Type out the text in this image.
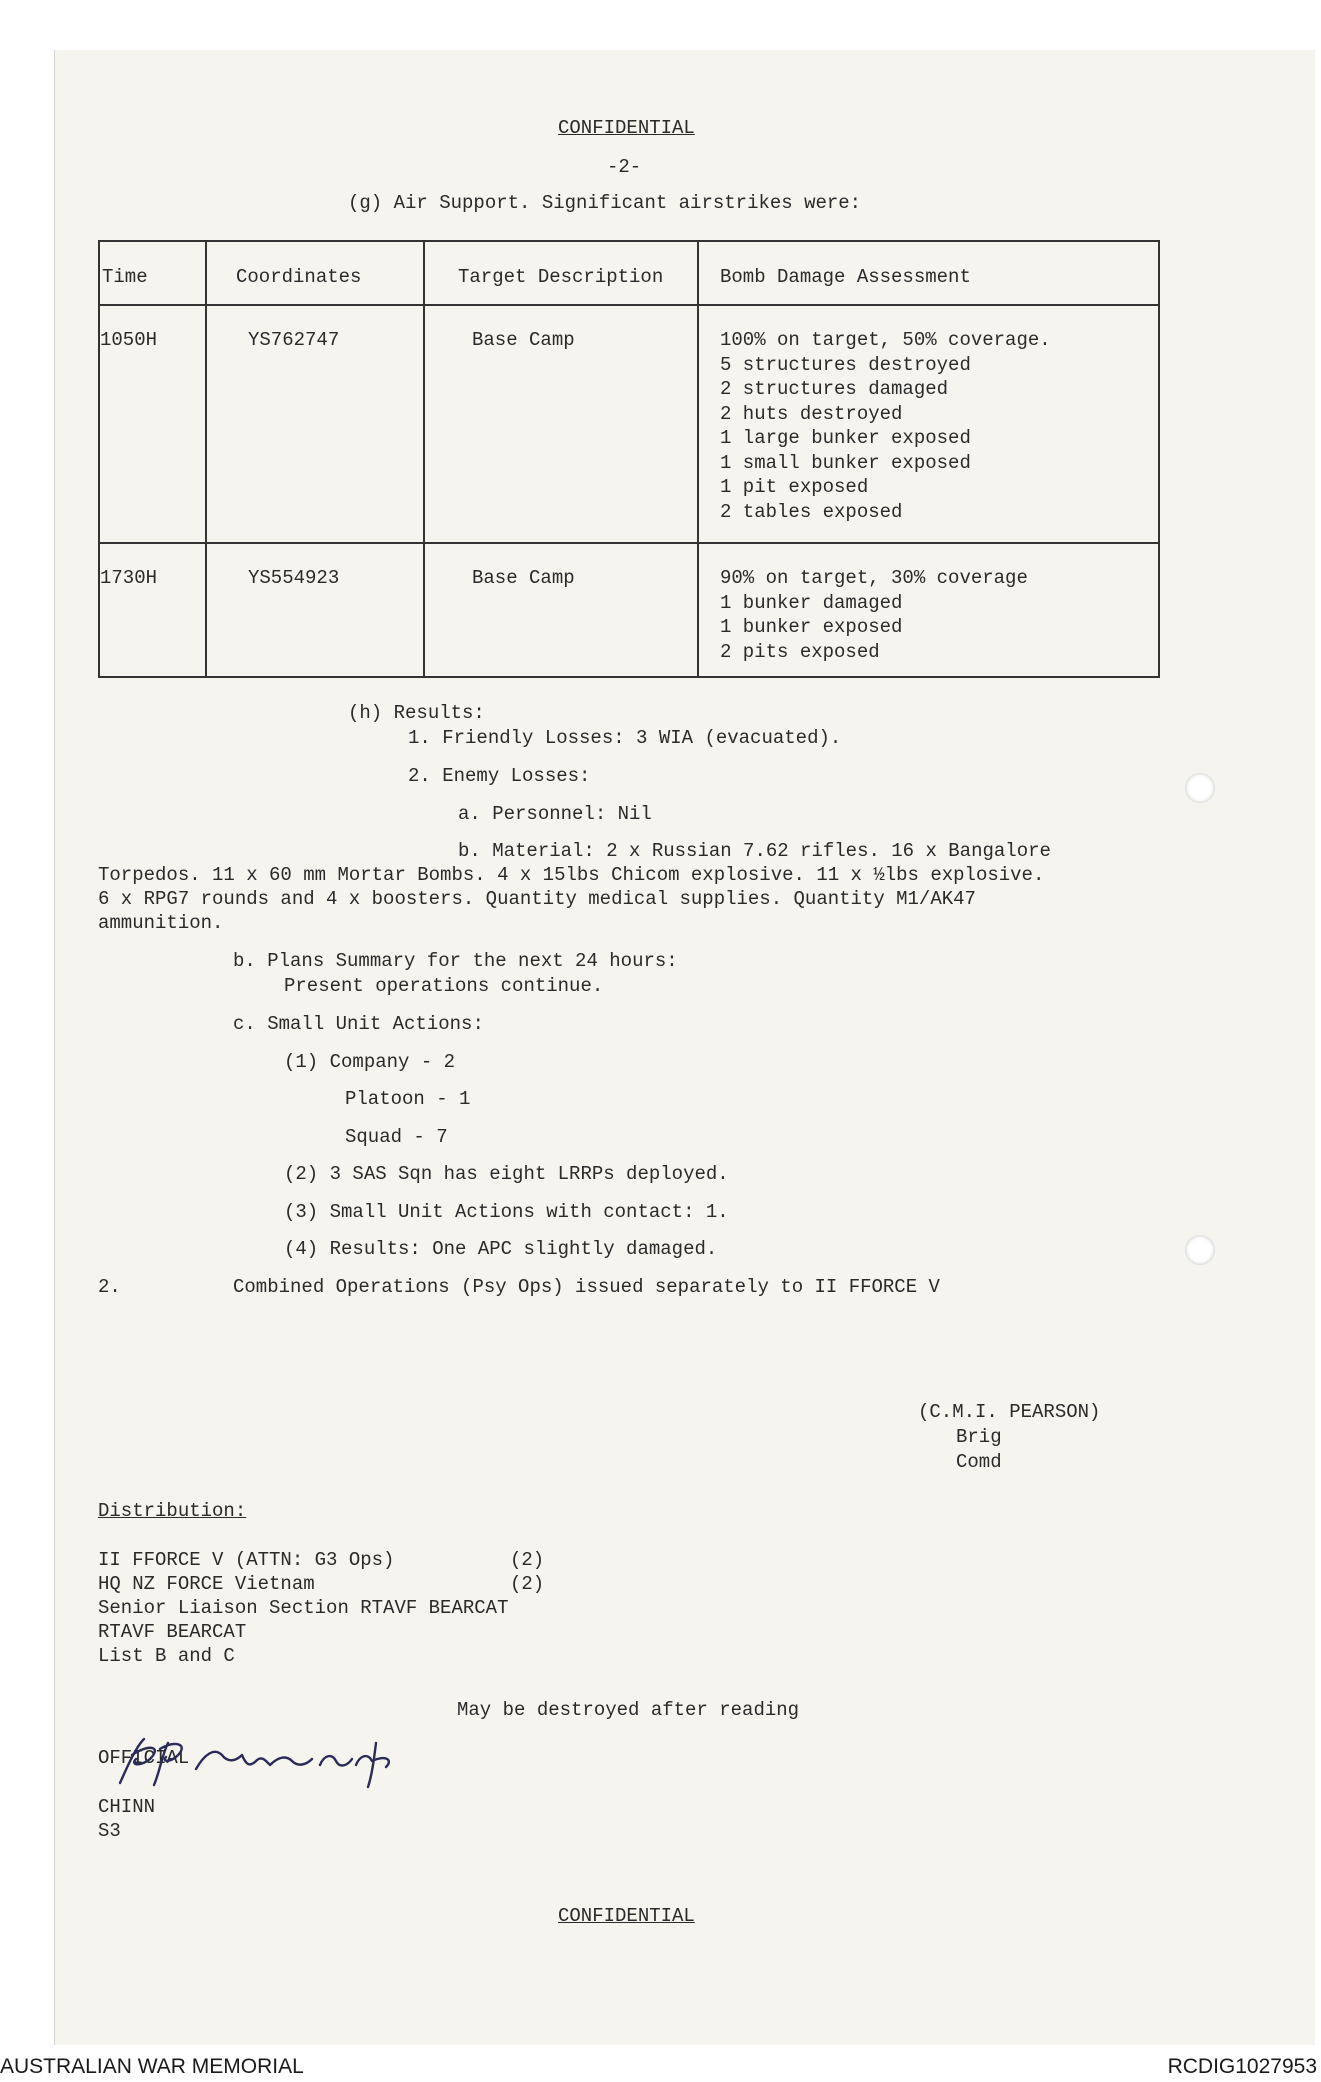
CONFIDENTIAL
-2-
(g) Air Support. Significant airstrikes were:
Time	Coordinates	Target Description	Bomb Damage Assessment
1050H	YS762747	Base Camp	100% on target, 50% coverage.
5 structures destroyed
2 structures damaged
2 huts destroyed
1 large bunker exposed
1 small bunker exposed
1 pit exposed
2 tables exposed
1730H	YS554923	Base Camp	90% on target, 30% coverage
1 bunker damaged
1 bunker exposed
2 pits exposed
(h) Results:
1. Friendly Losses: 3 WIA (evacuated).
2. Enemy Losses:
a. Personnel: Nil
b. Material: 2 x Russian 7.62 rifles. 16 x Bangalore
Torpedos. 11 x 60 mm Mortar Bombs. 4 x 15lbs Chicom explosive. 11 x ½lbs explosive.
6 x RPG7 rounds and 4 x boosters. Quantity medical supplies. Quantity M1/AK47
ammunition.
b. Plans Summary for the next 24 hours:
Present operations continue.
c. Small Unit Actions:
(1) Company - 2
Platoon - 1
Squad - 7
(2) 3 SAS Sqn has eight LRRPs deployed.
(3) Small Unit Actions with contact: 1.
(4) Results: One APC slightly damaged.
2.	Combined Operations (Psy Ops) issued separately to II FFORCE V
(C.M.I. PEARSON)
Brig
Comd
Distribution:
II FFORCE V (ATTN: G3 Ops)	(2)
HQ NZ FORCE Vietnam	(2)
Senior Liaison Section RTAVF BEARCAT
RTAVF BEARCAT
List B and C
May be destroyed after reading
OFFICIAL
CHINN
S3
CONFIDENTIAL
AUSTRALIAN WAR MEMORIAL	RCDIG1027953
